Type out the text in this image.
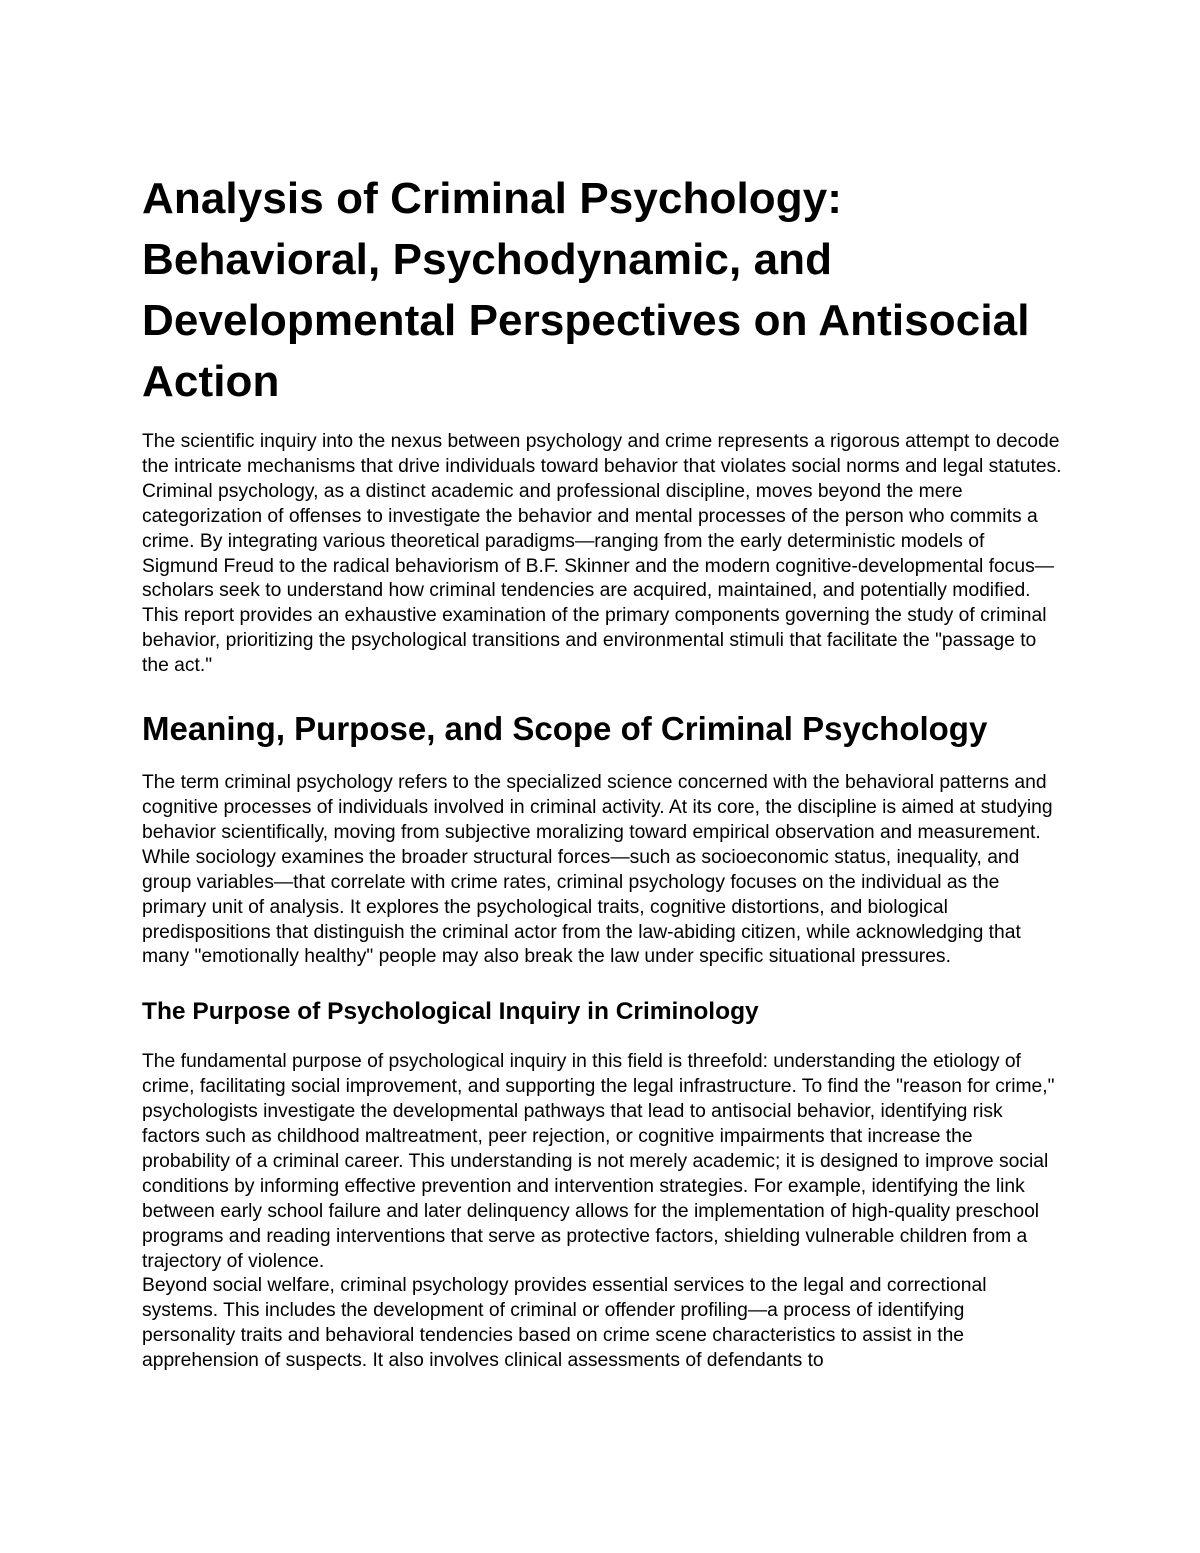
Analysis of Criminal Psychology: Behavioral, Psychodynamic, and Developmental Perspectives on Antisocial Action

The scientific inquiry into the nexus between psychology and crime represents a rigorous attempt to decode the intricate mechanisms that drive individuals toward behavior that violates social norms and legal statutes. Criminal psychology, as a distinct academic and professional discipline, moves beyond the mere categorization of offenses to investigate the behavior and mental processes of the person who commits a crime. By integrating various theoretical paradigms—ranging from the early deterministic models of Sigmund Freud to the radical behaviorism of B.F. Skinner and the modern cognitive-developmental focus—scholars seek to understand how criminal tendencies are acquired, maintained, and potentially modified. This report provides an exhaustive examination of the primary components governing the study of criminal behavior, prioritizing the psychological transitions and environmental stimuli that facilitate the "passage to the act."

Meaning, Purpose, and Scope of Criminal Psychology

The term criminal psychology refers to the specialized science concerned with the behavioral patterns and cognitive processes of individuals involved in criminal activity. At its core, the discipline is aimed at studying behavior scientifically, moving from subjective moralizing toward empirical observation and measurement. While sociology examines the broader structural forces—such as socioeconomic status, inequality, and group variables—that correlate with crime rates, criminal psychology focuses on the individual as the primary unit of analysis. It explores the psychological traits, cognitive distortions, and biological predispositions that distinguish the criminal actor from the law-abiding citizen, while acknowledging that many "emotionally healthy" people may also break the law under specific situational pressures.

The Purpose of Psychological Inquiry in Criminology

The fundamental purpose of psychological inquiry in this field is threefold: understanding the etiology of crime, facilitating social improvement, and supporting the legal infrastructure. To find the "reason for crime," psychologists investigate the developmental pathways that lead to antisocial behavior, identifying risk factors such as childhood maltreatment, peer rejection, or cognitive impairments that increase the probability of a criminal career. This understanding is not merely academic; it is designed to improve social conditions by informing effective prevention and intervention strategies. For example, identifying the link between early school failure and later delinquency allows for the implementation of high-quality preschool programs and reading interventions that serve as protective factors, shielding vulnerable children from a trajectory of violence.

Beyond social welfare, criminal psychology provides essential services to the legal and correctional systems. This includes the development of criminal or offender profiling—a process of identifying personality traits and behavioral tendencies based on crime scene characteristics to assist in the apprehension of suspects. It also involves clinical assessments of defendants to
